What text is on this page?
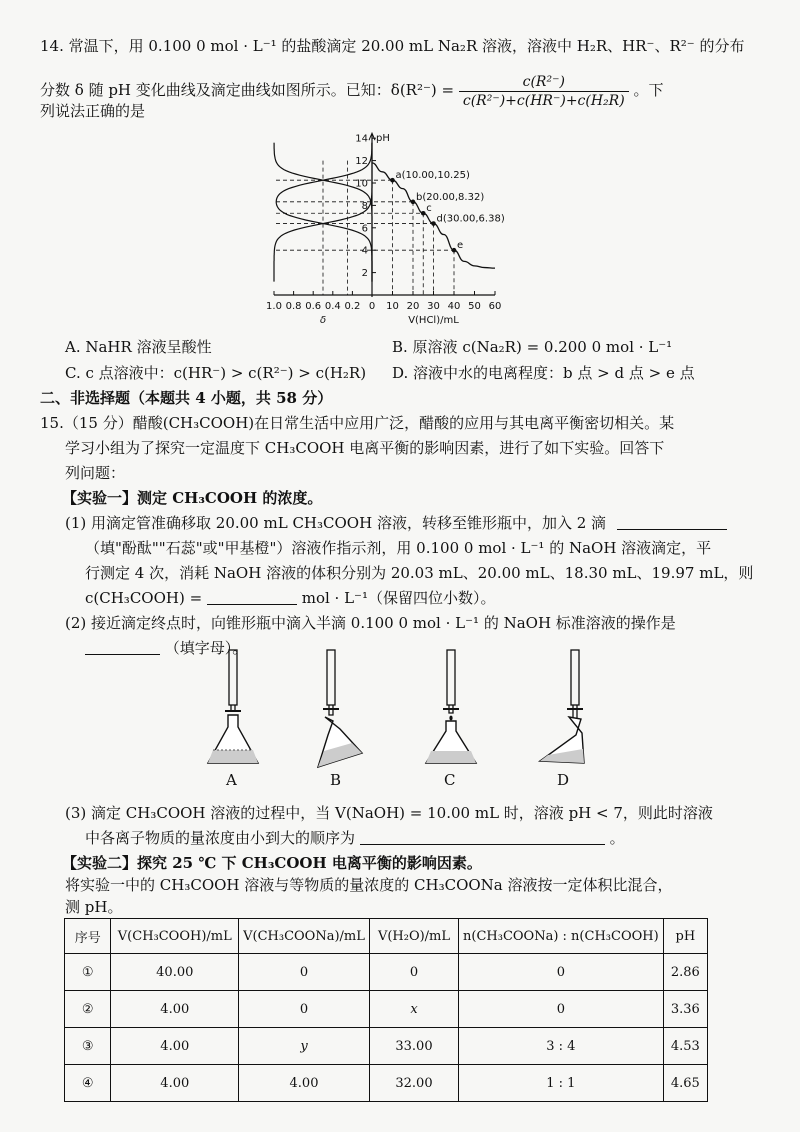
14. 常温下，用 0.100 0 mol · L⁻¹ 的盐酸滴定 20.00 mL Na₂R 溶液，溶液中 H₂R、HR⁻、R²⁻ 的分布
分数 δ 随 pH 变化曲线及滴定曲线如图所示。已知：$\delta(R^{2-}) = \frac{\text{c(R²⁻)}}{\text{c(R²⁻)+c(HR⁻)+c(H₂R)}}$ 。下
列说法正确的是
pH
2
4
6
8
10
12
14
1.0 0.8 0.6 0.4 0.2 0 10 20 30 40 50 60
δ	V(HCl)/mL
a(10.00,10.25)
b(20.00,8.32)
c
d(30.00,6.38)
e
A. NaHR 溶液呈酸性	B. 原溶液 c(Na₂R) = 0.200 0 mol · L⁻¹
C. c 点溶液中：c(HR⁻) > c(R²⁻) > c(H₂R) D. 溶液中水的电离程度：b 点 > d 点 > e 点
二、非选择题（本题共 4 小题，共 58 分）
15.（15 分）醋酸(CH₃COOH)在日常生活中应用广泛，醋酸的应用与其电离平衡密切相关。某
学习小组为了探究一定温度下 CH₃COOH 电离平衡的影响因素，进行了如下实验。回答下
列问题：
【实验一】测定 CH₃COOH 的浓度。
(1) 用滴定管准确移取 20.00 mL CH₃COOH 溶液，转移至锥形瓶中，加入 2 滴
（填"酚酞""石蕊"或"甲基橙"）溶液作指示剂，用 0.100 0 mol · L⁻¹ 的 NaOH 溶液滴定，平
行测定 4 次，消耗 NaOH 溶液的体积分别为 20.03 mL、20.00 mL、18.30 mL、19.97 mL，则
c(CH₃COOH) =	mol · L⁻¹（保留四位小数）。
(2) 接近滴定终点时，向锥形瓶中滴入半滴 0.100 0 mol · L⁻¹ 的 NaOH 标准溶液的操作是
（填字母）。
A	B	C	D
(3) 滴定 CH₃COOH 溶液的过程中，当 V(NaOH) = 10.00 mL 时，溶液 pH < 7，则此时溶液
中各离子物质的量浓度由小到大的顺序为	。
【实验二】探究 25 ℃ 下 CH₃COOH 电离平衡的影响因素。
将实验一中的 CH₃COOH 溶液与等物质的量浓度的 CH₃COONa 溶液按一定体积比混合，
测 pH。
序号	V(CH₃COOH)/mL	V(CH₃COONa)/mL	V(H₂O)/mL	n(CH₃COONa) : n(CH₃COOH)	pH
①	40.00	0	0	0	2.86
②	4.00	0	x	0	3.36
③	4.00	y	33.00	3 : 4	4.53
④	4.00	4.00	32.00	1 : 1	4.65
